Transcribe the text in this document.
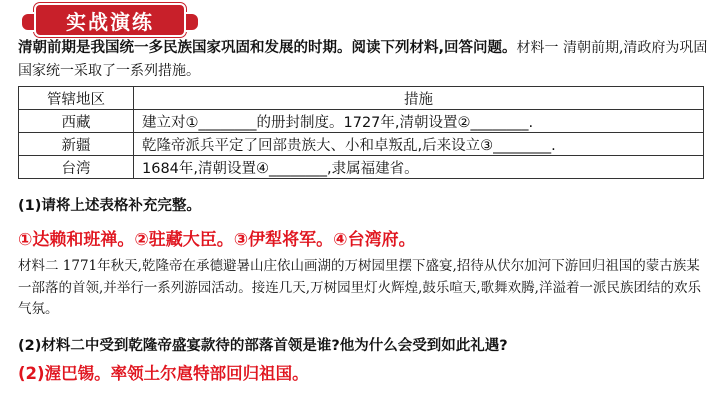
实战演练
清朝前期是我国统一多民族国家巩固和发展的时期。阅读下列材料,回答问题。材料一 清朝前期,清政府为巩固国家统一采取了一系列措施。
管辖地区	措施
西藏	建立对①________的册封制度。1727年,清朝设置②________.
新疆	乾隆帝派兵平定了回部贵族大、小和卓叛乱,后来设立③________.
台湾	1684年,清朝设置④________,隶属福建省。
(1)请将上述表格补充完整。
①达赖和班禅。②驻藏大臣。③伊犁将军。④台湾府。
材料二 1771年秋天,乾隆帝在承德避暑山庄依山画湖的万树园里摆下盛宴,招待从伏尔加河下游回归祖国的蒙古族某一部落的首领,并举行一系列游园活动。接连几天,万树园里灯火辉煌,鼓乐喧天,歌舞欢腾,洋溢着一派民族团结的欢乐气氛。
(2)材料二中受到乾隆帝盛宴款待的部落首领是谁?他为什么会受到如此礼遇?
(2)渥巴锡。率领土尔扈特部回归祖国。
